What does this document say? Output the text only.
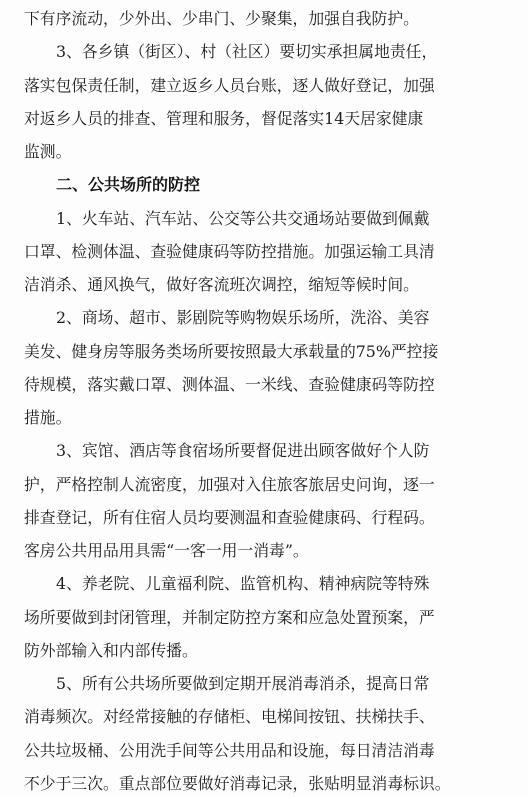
下有序流动，少外出、少串门、少聚集，加强自我防护。
3、各乡镇（街区）、村（社区）要切实承担属地责任，
落实包保责任制，建立返乡人员台账，逐人做好登记，加强
对返乡人员的排查、管理和服务，督促落实14天居家健康
监测。
二、公共场所的防控
1、火车站、汽车站、公交等公共交通场站要做到佩戴
口罩、检测体温、查验健康码等防控措施。加强运输工具清
洁消杀、通风换气，做好客流班次调控，缩短等候时间。
2、商场、超市、影剧院等购物娱乐场所，洗浴、美容
美发、健身房等服务类场所要按照最大承载量的75%严控接
待规模，落实戴口罩、测体温、一米线、查验健康码等防控
措施。
3、宾馆、酒店等食宿场所要督促进出顾客做好个人防
护，严格控制人流密度，加强对入住旅客旅居史问询，逐一
排查登记，所有住宿人员均要测温和查验健康码、行程码。
客房公共用品用具需“一客一用一消毒”。
4、养老院、儿童福利院、监管机构、精神病院等特殊
场所要做到封闭管理，并制定防控方案和应急处置预案，严
防外部输入和内部传播。
5、所有公共场所要做到定期开展消毒消杀，提高日常
消毒频次。对经常接触的存储柜、电梯间按钮、扶梯扶手、
公共垃圾桶、公用洗手间等公共用品和设施，每日清洁消毒
不少于三次。重点部位要做好消毒记录，张贴明显消毒标识。
